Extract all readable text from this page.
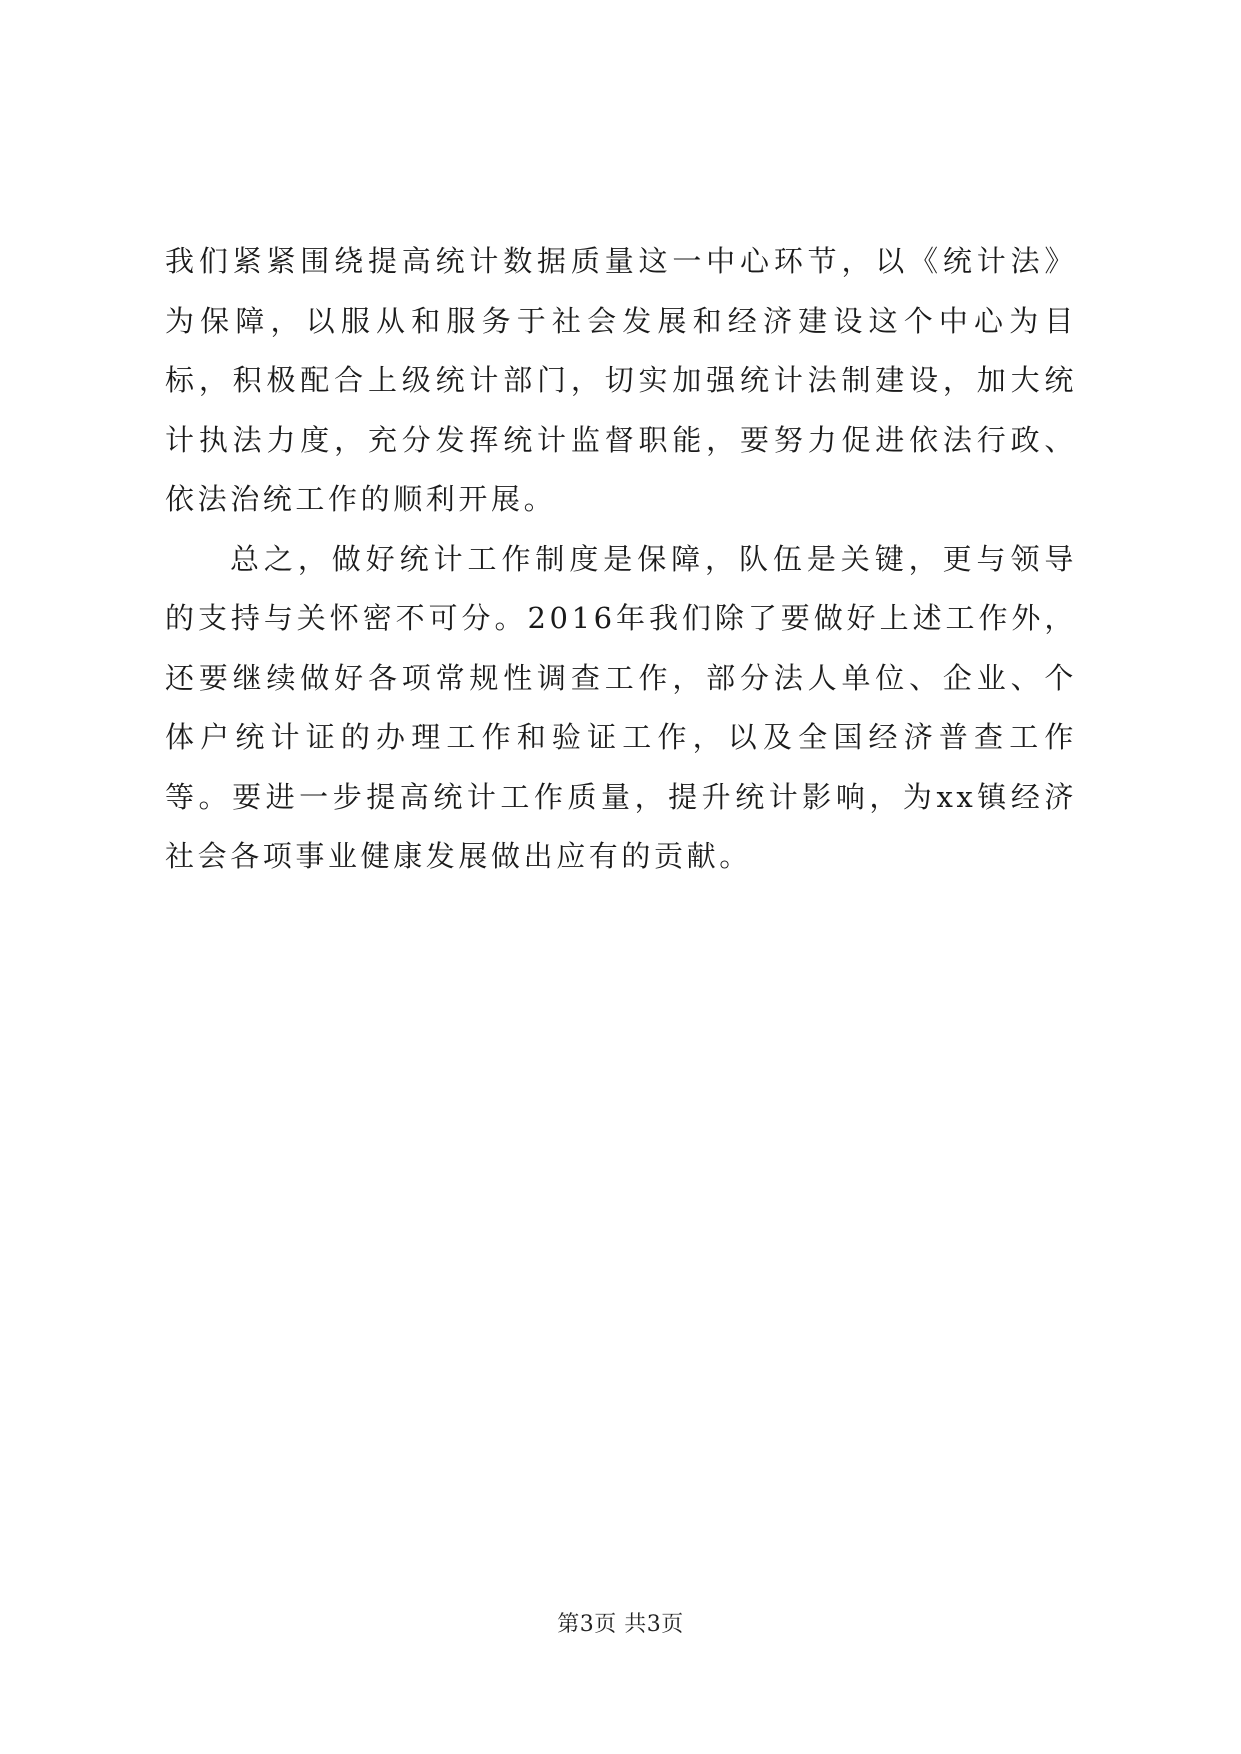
我们紧紧围绕提高统计数据质量这一中心环节，以《统计法》为保障，以服从和服务于社会发展和经济建设这个中心为目标，积极配合上级统计部门，切实加强统计法制建设，加大统计执法力度，充分发挥统计监督职能，要努力促进依法行政、依法治统工作的顺利开展。

总之，做好统计工作制度是保障，队伍是关键，更与领导的支持与关怀密不可分。2016年我们除了要做好上述工作外，还要继续做好各项常规性调查工作，部分法人单位、企业、个体户统计证的办理工作和验证工作，以及全国经济普查工作等。要进一步提高统计工作质量，提升统计影响，为xx镇经济社会各项事业健康发展做出应有的贡献。

第3页 共3页
